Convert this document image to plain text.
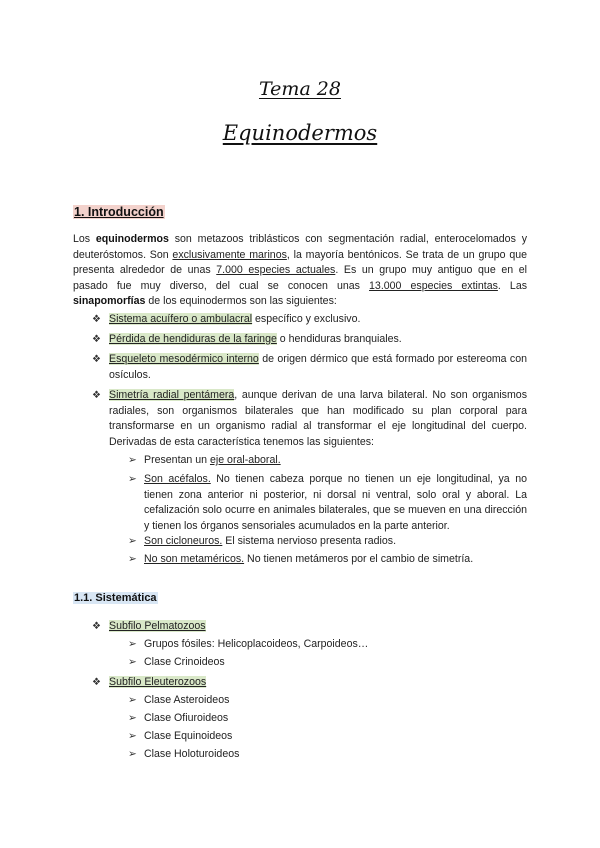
Tema 28
Equinodermos
1. Introducción

Los equinodermos son metazoos triblásticos con segmentación radial, enterocelomados y deuteróstomos. Son exclusivamente marinos, la mayoría bentónicos. Se trata de un grupo que presenta alrededor de unas 7.000 especies actuales. Es un grupo muy antiguo que en el pasado fue muy diverso, del cual se conocen unas 13.000 especies extintas. Las sinapomorfías de los equinodermos son las siguientes:

❖ Sistema acuífero o ambulacral específico y exclusivo.
❖ Pérdida de hendiduras de la faringe o hendiduras branquiales.
❖ Esqueleto mesodérmico interno de origen dérmico que está formado por estereoma con osículos.
❖ Simetría radial pentámera, aunque derivan de una larva bilateral. No son organismos radiales, son organismos bilaterales que han modificado su plan corporal para transformarse en un organismo radial al transformar el eje longitudinal del cuerpo. Derivadas de esta característica tenemos las siguientes:
➢ Presentan un eje oral-aboral.
➢ Son acéfalos. No tienen cabeza porque no tienen un eje longitudinal, ya no tienen zona anterior ni posterior, ni dorsal ni ventral, solo oral y aboral. La cefalización solo ocurre en animales bilaterales, que se mueven en una dirección y tienen los órganos sensoriales acumulados en la parte anterior.
➢ Son cicloneuros. El sistema nervioso presenta radios.
➢ No son metaméricos. No tienen metámeros por el cambio de simetría.
1.1. Sistemática
❖ Subfilo Pelmatozoos
➢ Grupos fósiles: Helicoplacoideos, Carpoideos…
➢ Clase Crinoideos
❖ Subfilo Eleuterozoos
➢ Clase Asteroideos
➢ Clase Ofiuroideos
➢ Clase Equinoideos
➢ Clase Holoturoideos
